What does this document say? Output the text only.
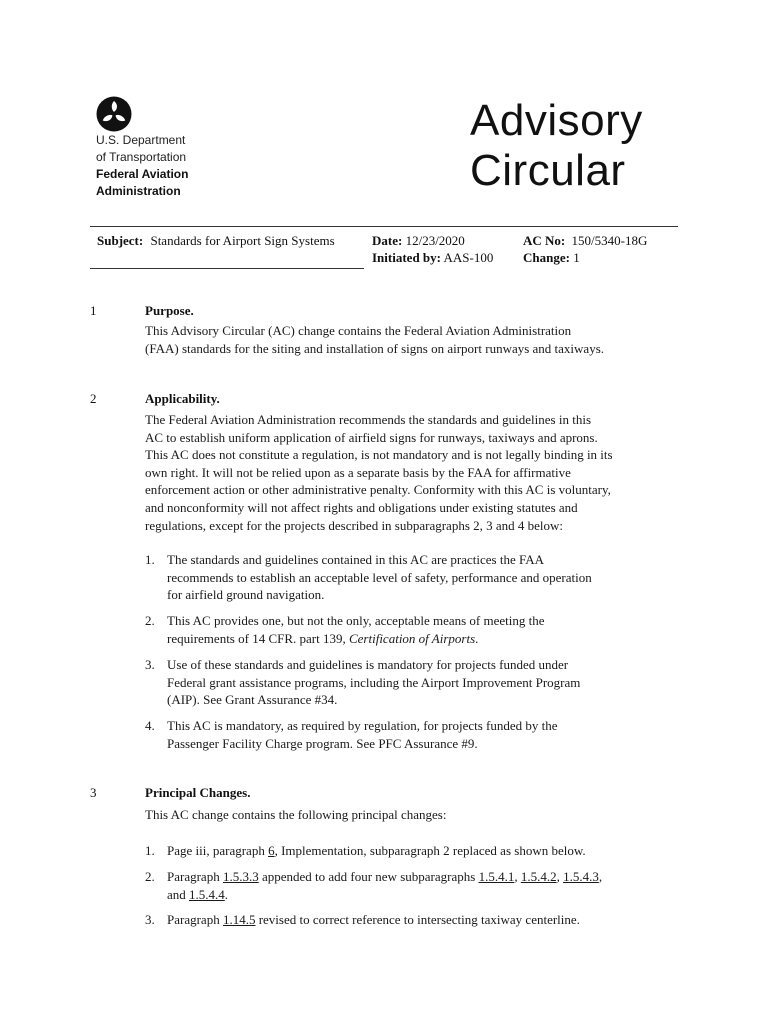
U.S. Department
of Transportation
Federal Aviation
Administration
Advisory
Circular
Subject: Standards for Airport Sign Systems	Date: 12/23/2020
Initiated by: AAS-100
AC No: 150/5340-18G
Change: 1
1	Purpose.
This Advisory Circular (AC) change contains the Federal Aviation Administration
(FAA) standards for the siting and installation of signs on airport runways and taxiways.
2	Applicability.
The Federal Aviation Administration recommends the standards and guidelines in this
AC to establish uniform application of airfield signs for runways, taxiways and aprons.
This AC does not constitute a regulation, is not mandatory and is not legally binding in its
own right. It will not be relied upon as a separate basis by the FAA for affirmative
enforcement action or other administrative penalty. Conformity with this AC is voluntary,
and nonconformity will not affect rights and obligations under existing statutes and
regulations, except for the projects described in subparagraphs 2, 3 and 4 below:
1. The standards and guidelines contained in this AC are practices the FAA
recommends to establish an acceptable level of safety, performance and operation
for airfield ground navigation.
2. This AC provides one, but not the only, acceptable means of meeting the
requirements of 14 CFR. part 139, Certification of Airports.
3. Use of these standards and guidelines is mandatory for projects funded under
Federal grant assistance programs, including the Airport Improvement Program
(AIP). See Grant Assurance #34.
4. This AC is mandatory, as required by regulation, for projects funded by the
Passenger Facility Charge program. See PFC Assurance #9.
3	Principal Changes.
This AC change contains the following principal changes:
1. Page iii, paragraph 6, Implementation, subparagraph 2 replaced as shown below.
2. Paragraph 1.5.3.3 appended to add four new subparagraphs 1.5.4.1, 1.5.4.2, 1.5.4.3,
and 1.5.4.4.
3. Paragraph 1.14.5 revised to correct reference to intersecting taxiway centerline.
